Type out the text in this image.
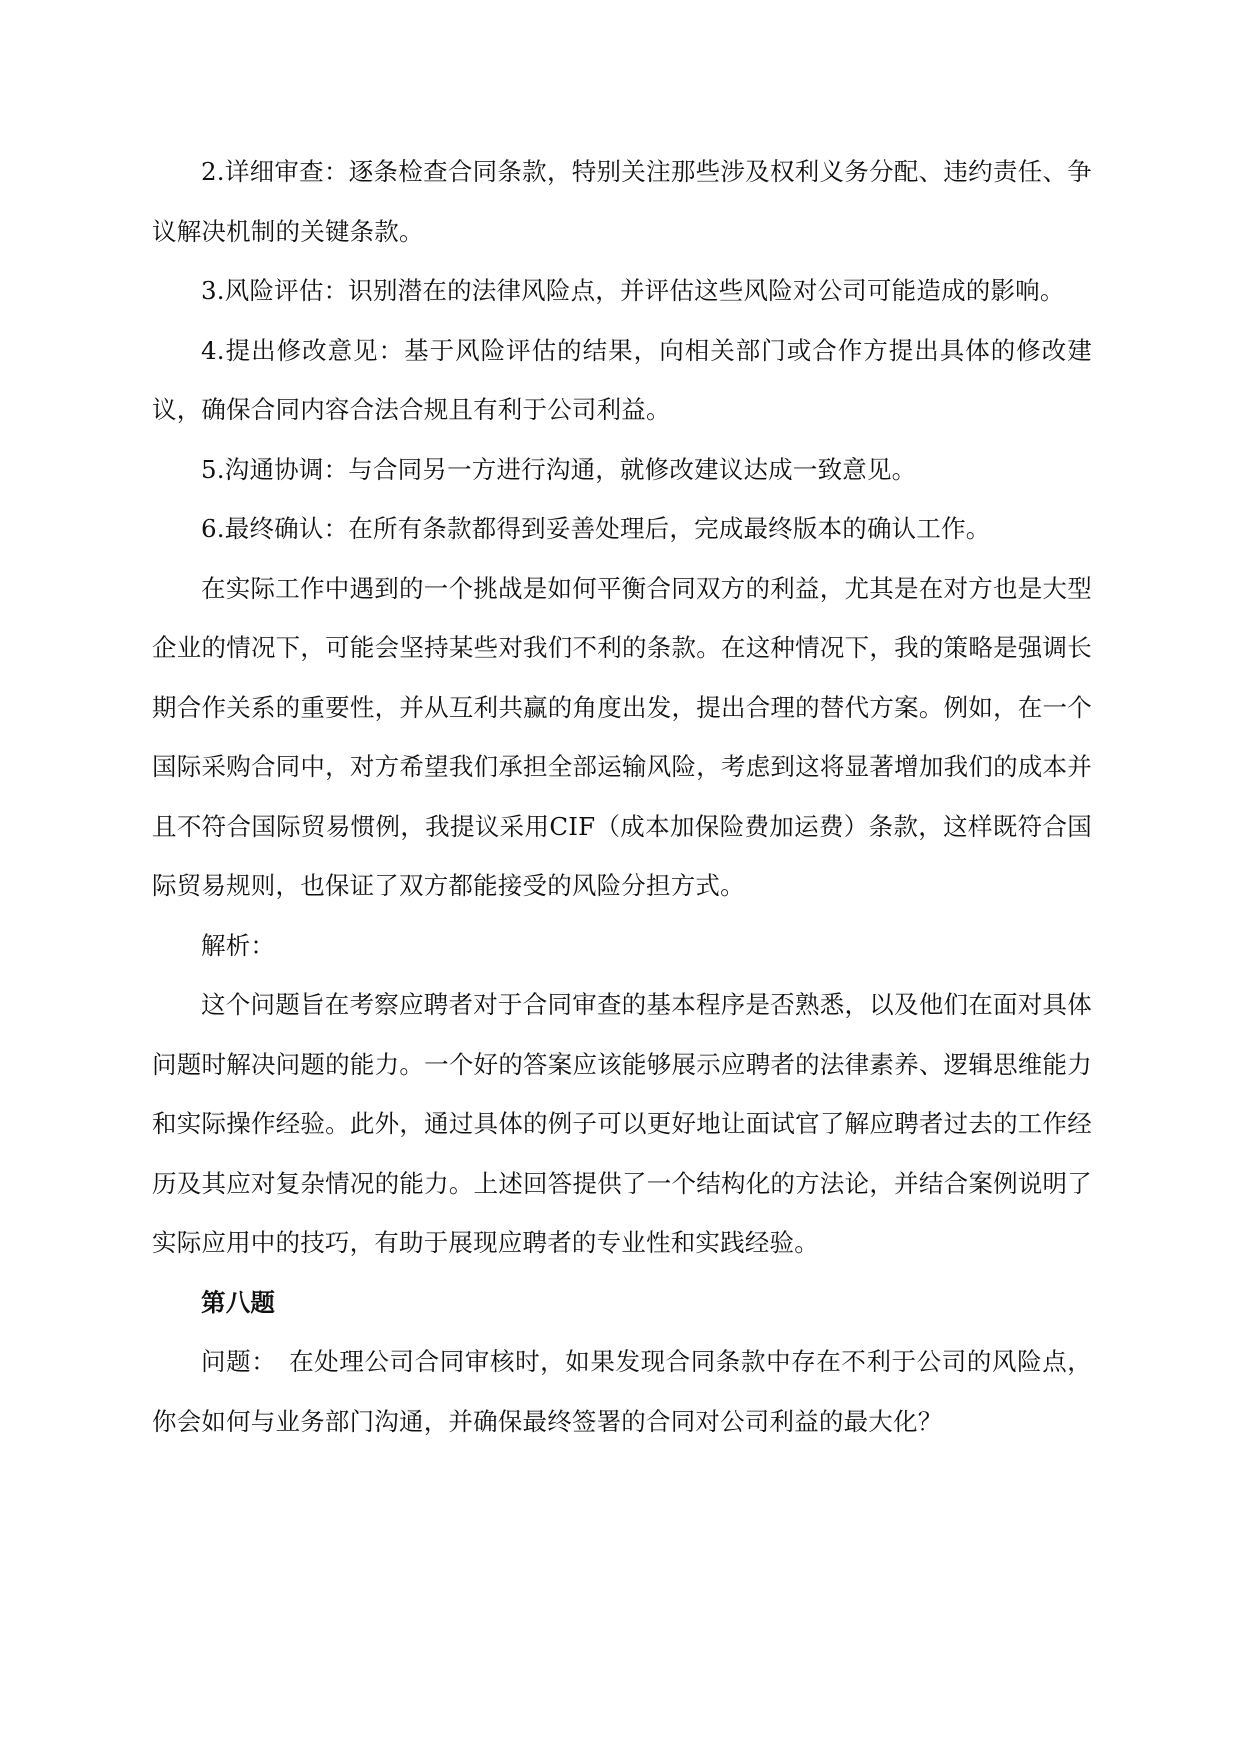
2.详细审查：逐条检查合同条款，特别关注那些涉及权利义务分配、违约责任、争议解决机制的关键条款。

3.风险评估：识别潜在的法律风险点，并评估这些风险对公司可能造成的影响。

4.提出修改意见：基于风险评估的结果，向相关部门或合作方提出具体的修改建议，确保合同内容合法合规且有利于公司利益。

5.沟通协调：与合同另一方进行沟通，就修改建议达成一致意见。

6.最终确认：在所有条款都得到妥善处理后，完成最终版本的确认工作。

在实际工作中遇到的一个挑战是如何平衡合同双方的利益，尤其是在对方也是大型企业的情况下，可能会坚持某些对我们不利的条款。在这种情况下，我的策略是强调长期合作关系的重要性，并从互利共赢的角度出发，提出合理的替代方案。例如，在一个国际采购合同中，对方希望我们承担全部运输风险，考虑到这将显著增加我们的成本并且不符合国际贸易惯例，我提议采用CIF（成本加保险费加运费）条款，这样既符合国际贸易规则，也保证了双方都能接受的风险分担方式。

解析：

这个问题旨在考察应聘者对于合同审查的基本程序是否熟悉，以及他们在面对具体问题时解决问题的能力。一个好的答案应该能够展示应聘者的法律素养、逻辑思维能力和实际操作经验。此外，通过具体的例子可以更好地让面试官了解应聘者过去的工作经历及其应对复杂情况的能力。上述回答提供了一个结构化的方法论，并结合案例说明了实际应用中的技巧，有助于展现应聘者的专业性和实践经验。

第八题

问题：　在处理公司合同审核时，如果发现合同条款中存在不利于公司的风险点，你会如何与业务部门沟通，并确保最终签署的合同对公司利益的最大化？
